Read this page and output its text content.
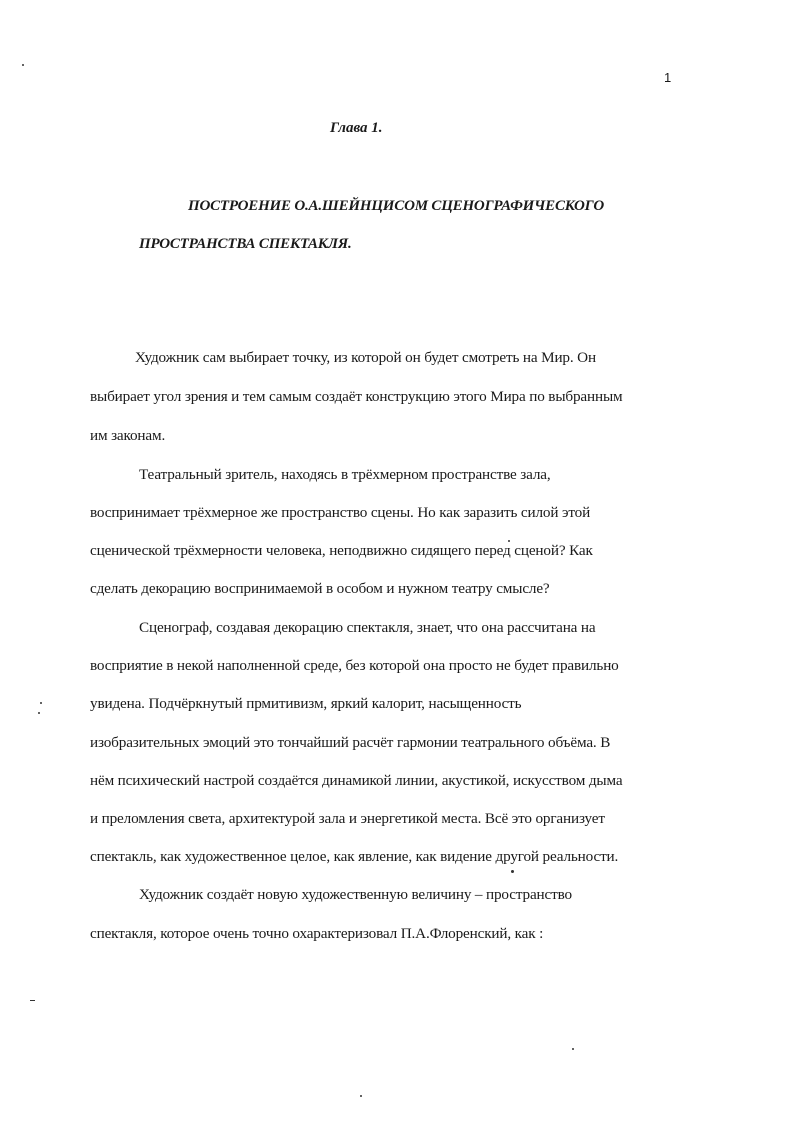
1
Глава 1.
ПОСТРОЕНИЕ О.А.ШЕЙНЦИСОМ СЦЕНОГРАФИЧЕСКОГО
ПРОСТРАНСТВА СПЕКТАКЛЯ.
Художник сам выбирает точку, из которой он будет смотреть на Мир. Он
выбирает угол зрения и тем самым создаёт конструкцию этого Мира по выбранным
им законам.
Театральный зритель, находясь в трёхмерном пространстве зала,
воспринимает трёхмерное же пространство сцены. Но как заразить силой этой
сценической трёхмерности человека, неподвижно сидящего перед сценой? Как
сделать декорацию воспринимаемой в особом и нужном театру смысле?
Сценограф, создавая декорацию спектакля, знает, что она рассчитана на
восприятие в некой наполненной среде, без которой она просто не будет правильно
увидена. Подчёркнутый прмитивизм, яркий калорит, насыщенность
изобразительных эмоций это тончайший расчёт гармонии театрального объёма. В
нём психический настрой создаётся динамикой линии, акустикой, искусством дыма
и преломления света, архитектурой зала и энергетикой места. Всё это организует
спектакль, как художественное целое, как явление, как видение другой реальности.
Художник создаёт новую художественную величину – пространство
спектакля, которое очень точно охарактеризовал П.А.Флоренский, как :
